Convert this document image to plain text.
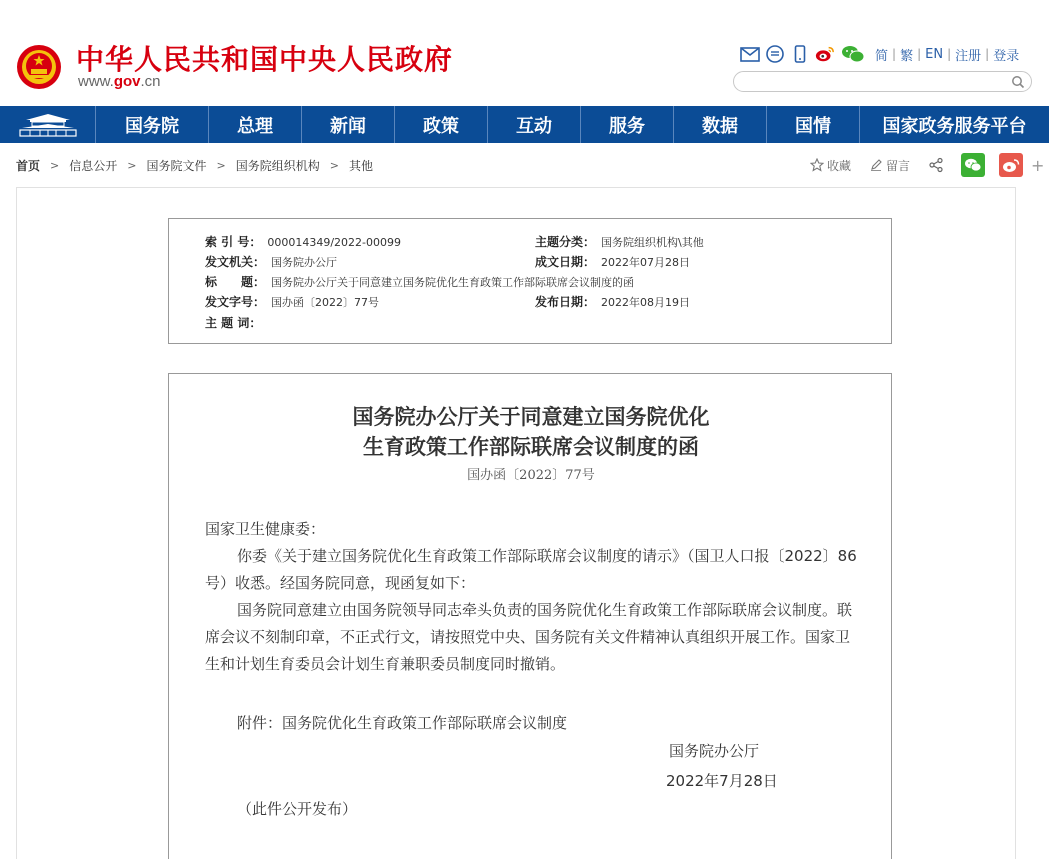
中华人民共和国中央人民政府
www.gov.cn
简 | 繁 | EN | 注册 | 登录
国务院	总理	新闻	政策	互动	服务	数据	国情	国家政务服务平台
首页 > 信息公开 > 国务院文件 > 国务院组织机构 > 其他	收藏	留言	+
索 引 号： 000014349/2022-00099	主题分类： 国务院组织机构\其他
发文机关： 国务院办公厅	成文日期： 2022年07月28日
标　　题： 国务院办公厅关于同意建立国务院优化生育政策工作部际联席会议制度的函
发文字号： 国办函〔2022〕77号	发布日期： 2022年08月19日
主 题 词：
国务院办公厅关于同意建立国务院优化
生育政策工作部际联席会议制度的函
国办函〔2022〕77号

国家卫生健康委：

你委《关于建立国务院优化生育政策工作部际联席会议制度的请示》（国卫人口报〔2022〕86号）收悉。经国务院同意，现函复如下：

国务院同意建立由国务院领导同志牵头负责的国务院优化生育政策工作部际联席会议制度。联席会议不刻制印章，不正式行文，请按照党中央、国务院有关文件精神认真组织开展工作。国家卫生和计划生育委员会计划生育兼职委员制度同时撤销。

附件：国务院优化生育政策工作部际联席会议制度
国务院办公厅
2022年7月28日
（此件公开发布）
